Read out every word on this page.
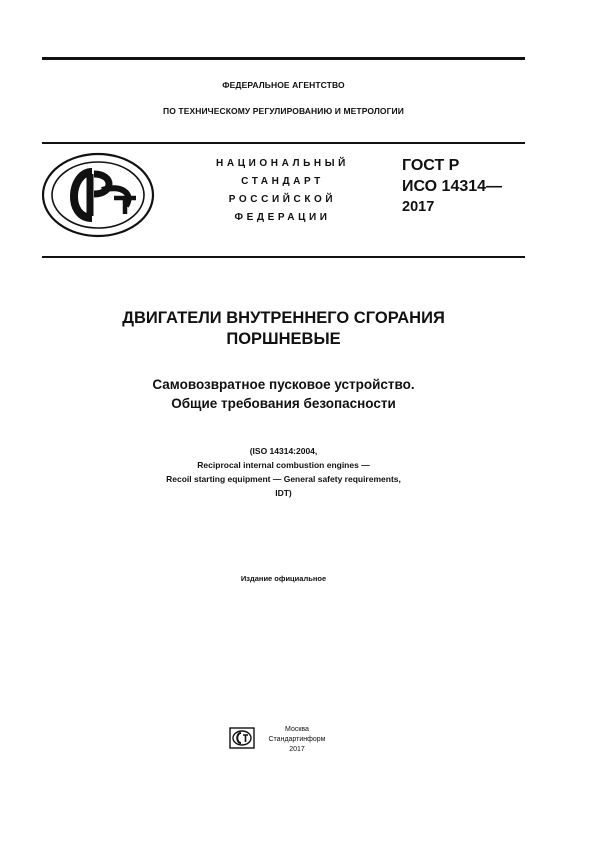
ФЕДЕРАЛЬНОЕ АГЕНТСТВО
ПО ТЕХНИЧЕСКОМУ РЕГУЛИРОВАНИЮ И МЕТРОЛОГИИ
НАЦИОНАЛЬНЫЙ
СТАНДАРТ
РОССИЙСКОЙ
ФЕДЕРАЦИИ
ГОСТ Р
ИСО 14314—
2017
ДВИГАТЕЛИ ВНУТРЕННЕГО СГОРАНИЯ
ПОРШНЕВЫЕ
Самовозвратное пусковое устройство.
Общие требования безопасности
(ISO 14314:2004,
Reciprocal internal combustion engines —
Recoil starting equipment — General safety requirements,
IDT)
Издание официальное
Москва
Стандартинформ
2017
